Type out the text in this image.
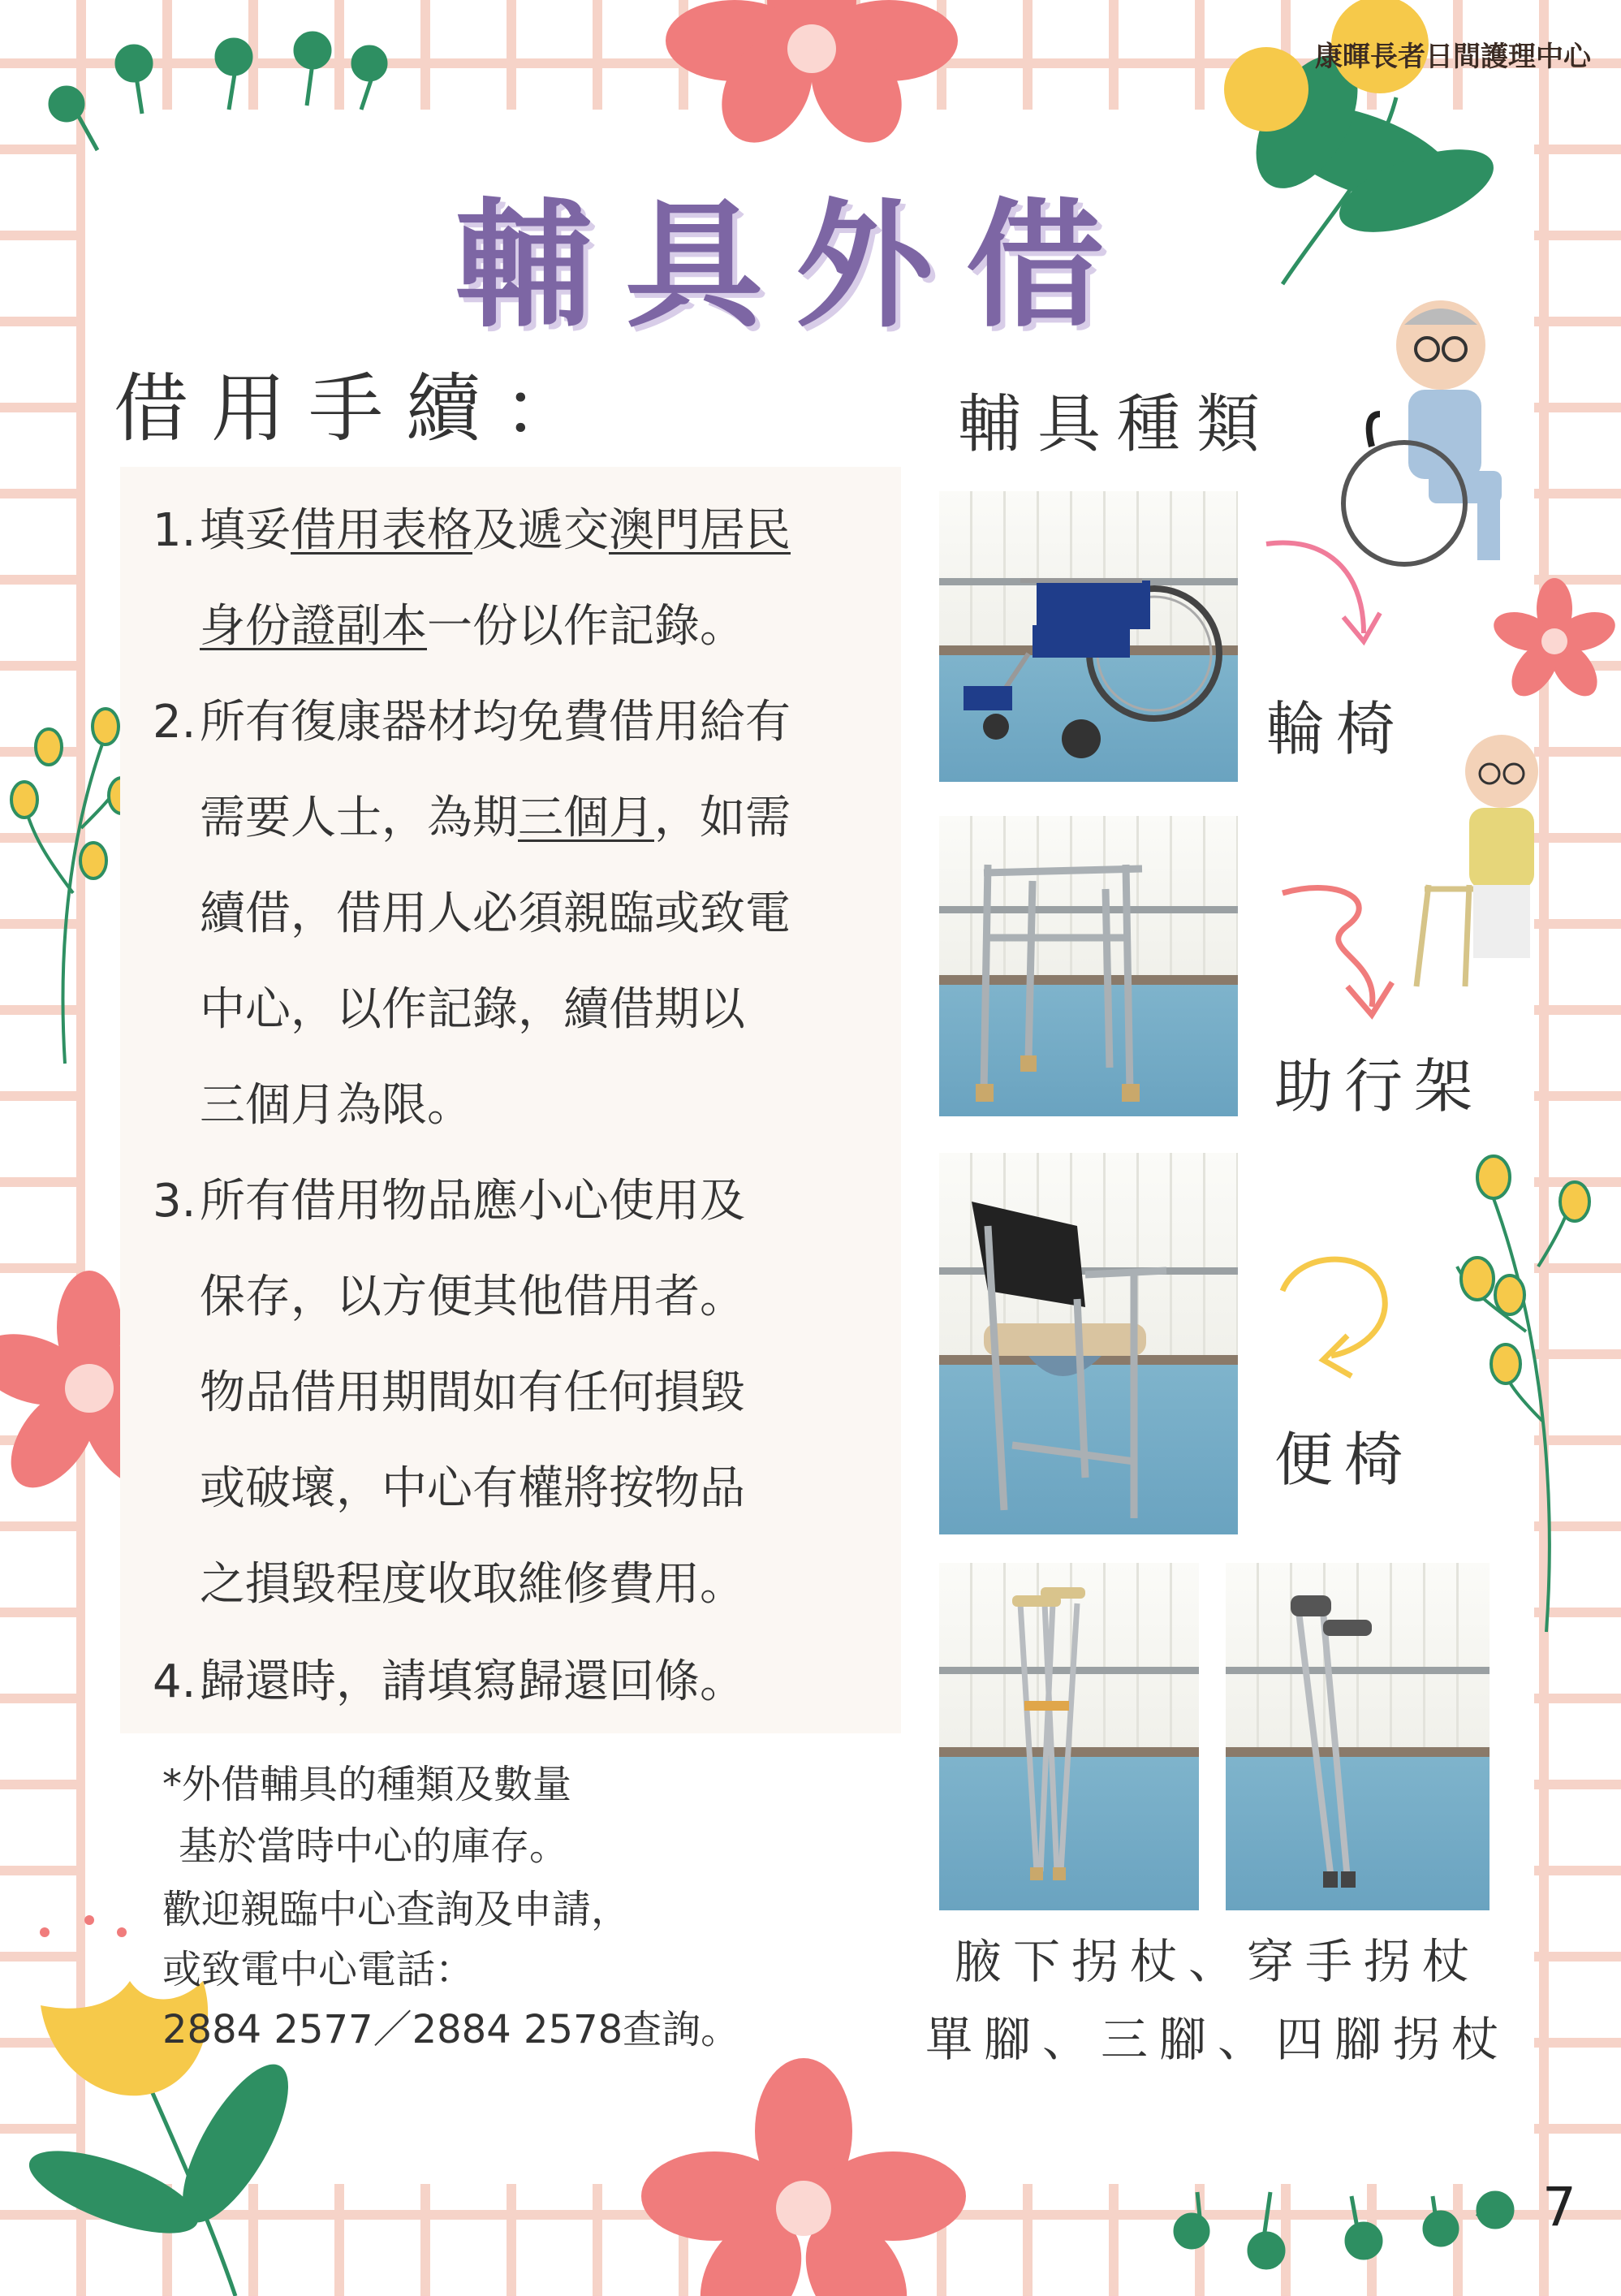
康暉長者日間護理中心
輔具外借
借用手續：	輔具種類
1.填妥借用表格及遞交澳門居民
身份證副本一份以作記錄。
2.所有復康器材均免費借用給有
需要人士，為期三個月，如需
續借，借用人必須親臨或致電
中心，以作記錄，續借期以
三個月為限。
3.所有借用物品應小心使用及
保存，以方便其他借用者。
物品借用期間如有任何損毀
或破壞，中心有權將按物品
之損毀程度收取維修費用。
4.歸還時，請填寫歸還回條。
*外借輔具的種類及數量
基於當時中心的庫存。
歡迎親臨中心查詢及申請，
或致電中心電話：
2884 2577／2884 2578查詢。
輪椅
助行架
便椅
腋下拐杖、穿手拐杖
單腳、三腳、四腳拐杖
7
